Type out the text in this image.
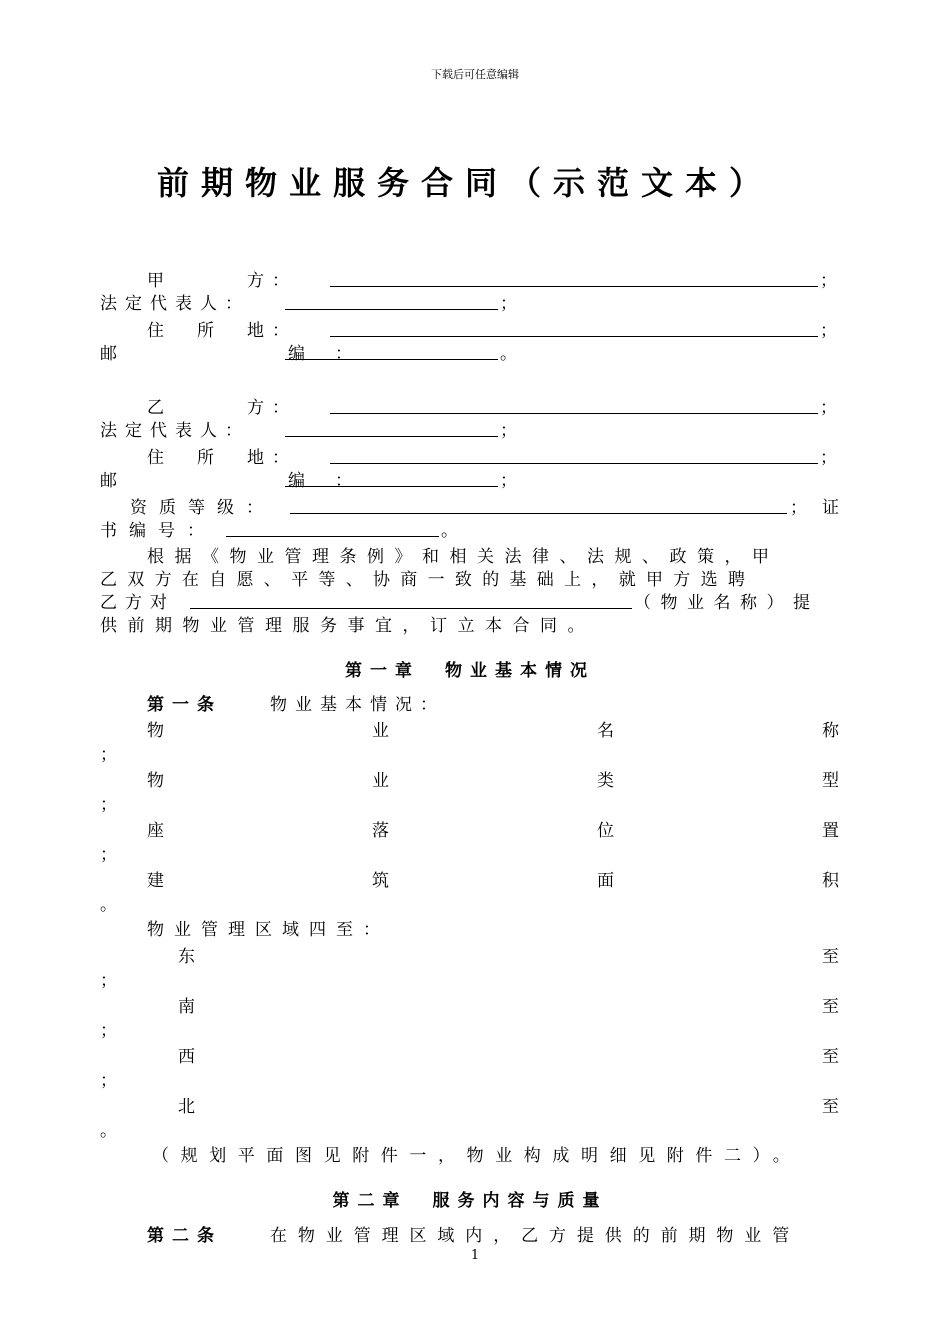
下载后可任意编辑
前期物业服务合同（示范文本）
甲　　　方：	；
法定代表人：	；
住　所　地：	；
邮　　　编：	。
乙　　　方：	；
法定代表人：	；
住　所　地：	；
邮　　　编：	；
资质等级：	； 证
书编号：	。
根据《物业管理条例》和相关法律、法规、政策，甲
乙双方在自愿、平等、协商一致的基础上，就甲方选聘
乙方对	（物业名称）提
供前期物业管理服务事宜，订立本合同。
第一章　物业基本情况
第一条	物业基本情况：
物	业	名	称
；
物	业	类	型
；
座	落	位	置
；
建	筑	面	积
。
物业管理区域四至：
东	至
；
南	至
；
西	至
；
北	至
。
（规划平面图见附件一，物业构成明细见附件二）。
第二章　服务内容与质量
第二条	在物业管理区域内，乙方提供的前期物业管
1
